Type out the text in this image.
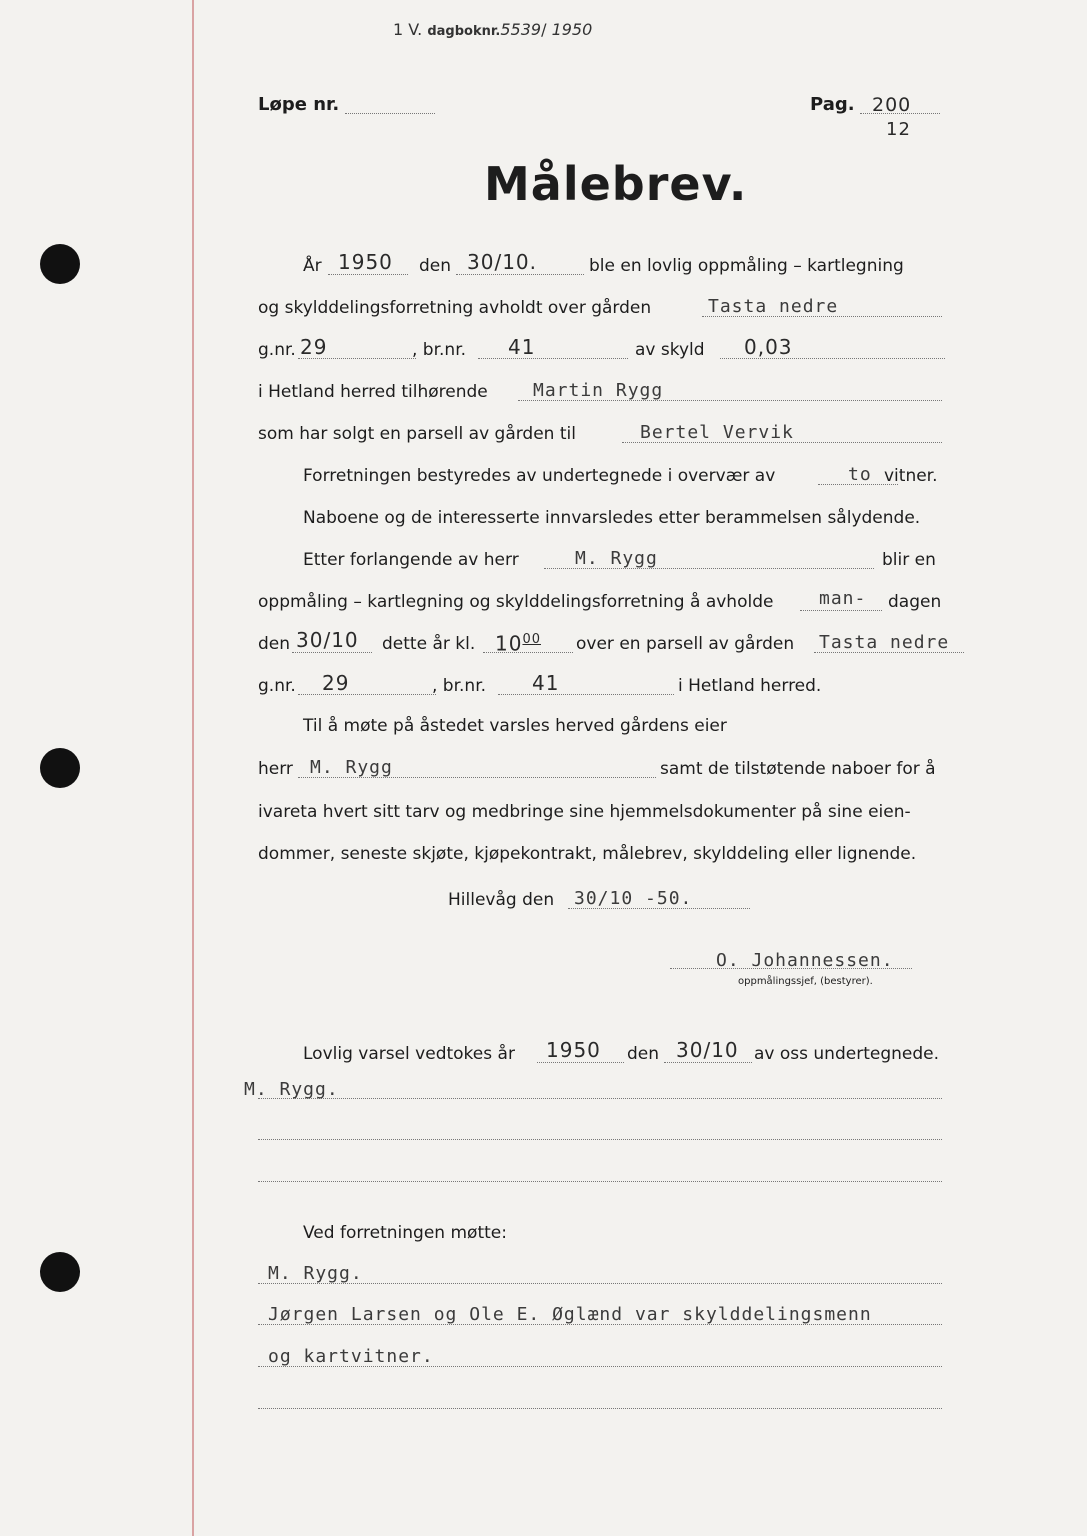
1 V. dagboknr.5539/ 1950
Løpe nr.	Pag. 200
12
Målebrev.
År 1950 den 30/10.	ble en lovlig oppmåling – kartlegning
og skylddelingsforretning avholdt over gården	Tasta nedre
g.nr. 29	, br.nr. 41	av skyld 0,03
i Hetland herred tilhørende	Martin Rygg
som har solgt en parsell av gården til	Bertel Vervik
Forretningen bestyredes av undertegnede i overvær av	to vitner.
Naboene og de interesserte innvarsledes etter berammelsen sålydende.
Etter forlangende av herr	M. Rygg	blir en
oppmåling – kartlegning og skylddelingsforretning å avholde	man- dagen
den 30/10 dette år kl. $10^{00}$ over en parsell av gården Tasta nedre
g.nr. 29	, br.nr. 41	i Hetland herred.
Til å møte på åstedet varsles herved gårdens eier
herr M. Rygg	samt de tilstøtende naboer for å
ivareta hvert sitt tarv og medbringe sine hjemmelsdokumenter på sine eien-
dommer, seneste skjøte, kjøpekontrakt, målebrev, skylddeling eller lignende.
Hillevåg den 30/10 -50.
O. Johannessen.
oppmålingssjef, (bestyrer).
Lovlig varsel vedtokes år 1950 den 30/10 av oss undertegnede.
M. Rygg.
Ved forretningen møtte:
M. Rygg.
Jørgen Larsen og Ole E. Øglænd var skylddelingsmenn
og kartvitner.
